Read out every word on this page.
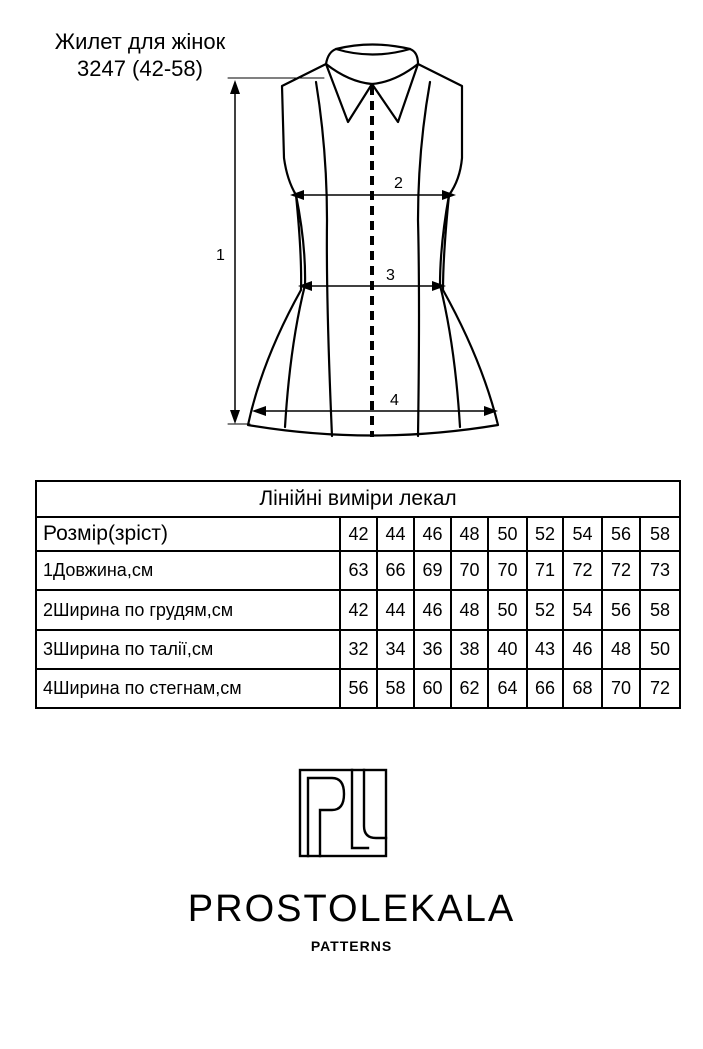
Жилет для жінок
3247 (42-58)
1
2
3
4
Лінійні виміри лекал									
Розмір(зріст)	42	44	46	48	50	52	54	56	58
1Довжина,см	63	66	69	70	70	71	72	72	73
2Ширина по грудям,см	42	44	46	48	50	52	54	56	58
3Ширина по талії,см	32	34	36	38	40	43	46	48	50
4Ширина по стегнам,см	56	58	60	62	64	66	68	70	72
PROSTOLEKALA
PATTERNS
